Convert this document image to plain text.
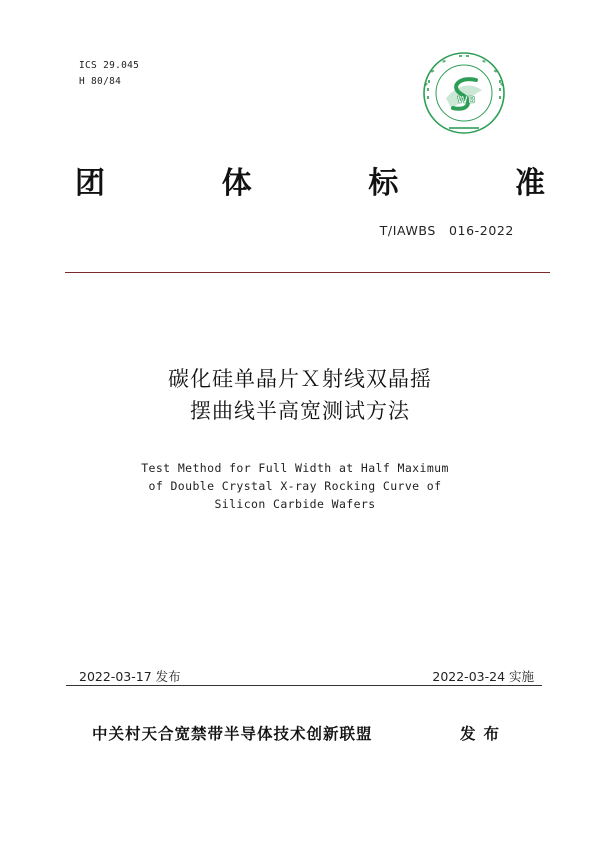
ICS 29.045
H 80/84
WB
团	体	标	准
T/IAWBS　016-2022
碳化硅单晶片Ｘ射线双晶摇
摆曲线半高宽测试方法
Test Method for Full Width at Half Maximum
of Double Crystal X-ray Rocking Curve of
Silicon Carbide Wafers
2022-03-17 发布	2022-03-24 实施
中关村天合宽禁带半导体技术创新联盟	发布
